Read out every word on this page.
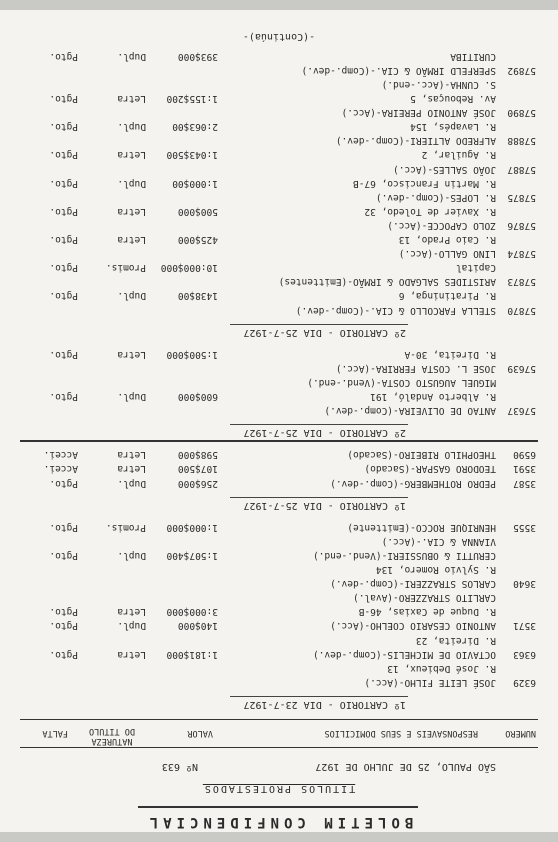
BOLETIM CONFIDENCIAL
TITULOS PROTESTADOS
SÃO PAULO, 25 DE JULHO DE 1927
Nº 633
NUMERO
RESPONSAVEIS E SEUS DOMICILIOS
VALOR
NATUREZA DO TITULO
FALTA
1º CARTORIO - DIA 23-7-1927
6329
JOSÉ LEITE FILHO-(Acc.)
R. José Debieux, 13
6363
OCTAVIO DE MICHELIS-(Comp.-dev.)
1:181$000
Letra
Pgto.
R. Direita, 23
3571
ANTONIO CESARIO COELHO-(Acc.)
140$000
Dupl.
Pgto.
R. Duque de Caxias, 46-B
3:000$000
Letra
Pgto.
CARLITO STRAZZERO-(Aval.)
3640
CARLOS STRAZZERI-(Comp.-dev.)
R. Sylvio Romero, 134
CERUTTI & OBUSSIERI-(Vend.-end.)
1:507$400
Dupl.
Pgto.
VIANNA & CIA.-(Acc.)
3555
HENRIQUE ROCCO-(Emittente)
1:000$000
Promis.
Pgto.
1º CARTORIO - DIA 25-7-1927
3587
PEDRO ROTHEMBERG-(Comp.-dev.)
256$000
Dupl.
Pgto.
3591
TEODORO GASPAR-(Sacado)
107$500
Letra
Accei.
6590
THEOPHILO RIBEIRO-(Sacado)
598$000
Letra
Accei.
2º CARTORIO - DIA 25-7-1927
57637
ANTAO DE OLIVEIRA-(Comp.-dev.)
R. Alberto Andaló, 191
600$000
Dupl.
Pgto.
MIGUEL AUGUSTO COSTA-(Vend.-end.)
57639
JOSE L. COSTA FERRIRA-(Acc.)
R. Direita, 30-A
1:500$000
Letra
Pgto.
2º CARTORIO - DIA 25-7-1927
57870
STELLA FARCOLLO & CIA.-(Comp.-dev.)
R. Piratininga, 6
1438$00
Dupl.
Pgto.
57873
ARISTIDES SALGADO & IRMÃO-(Emittentes)
Capital
10:000$000
Promis.
Pgto.
57874
LINO GALLO-(Acc.)
R. Caio Prado, 13
425$000
Letra
Pgto.
57876
ZOLO CAPOCCE-(Acc.)
R. Xavier de Toledo, 32
500$000
Letra
Pgto.
57875
R. LOPES-(Comp.-dev.)
R. Martin Francisco, 67-B
1:000$00
Dupl.
Pgto.
57887
JOÃO SALLES-(Acc.)
R. Aguilar, 2
1:043$500
Letra
Pgto.
57888
ALFREDO ALTIERI-(Comp.-dev.)
R. Lavapés, 154
2:063$00
Dupl.
Pgto.
57890
JOSÉ ANTONIO PEREIRA-(Acc.)
Av. Rebouças, 5
1:155$200
Letra
Pgto.
S. CUNHA-(Acc.-end.)
57892
SPERFELD IRMÃO & CIA.-(Comp.-dev.)
CURITIBA
393$000
Dupl.
Pgto.
-(Continúa)-
